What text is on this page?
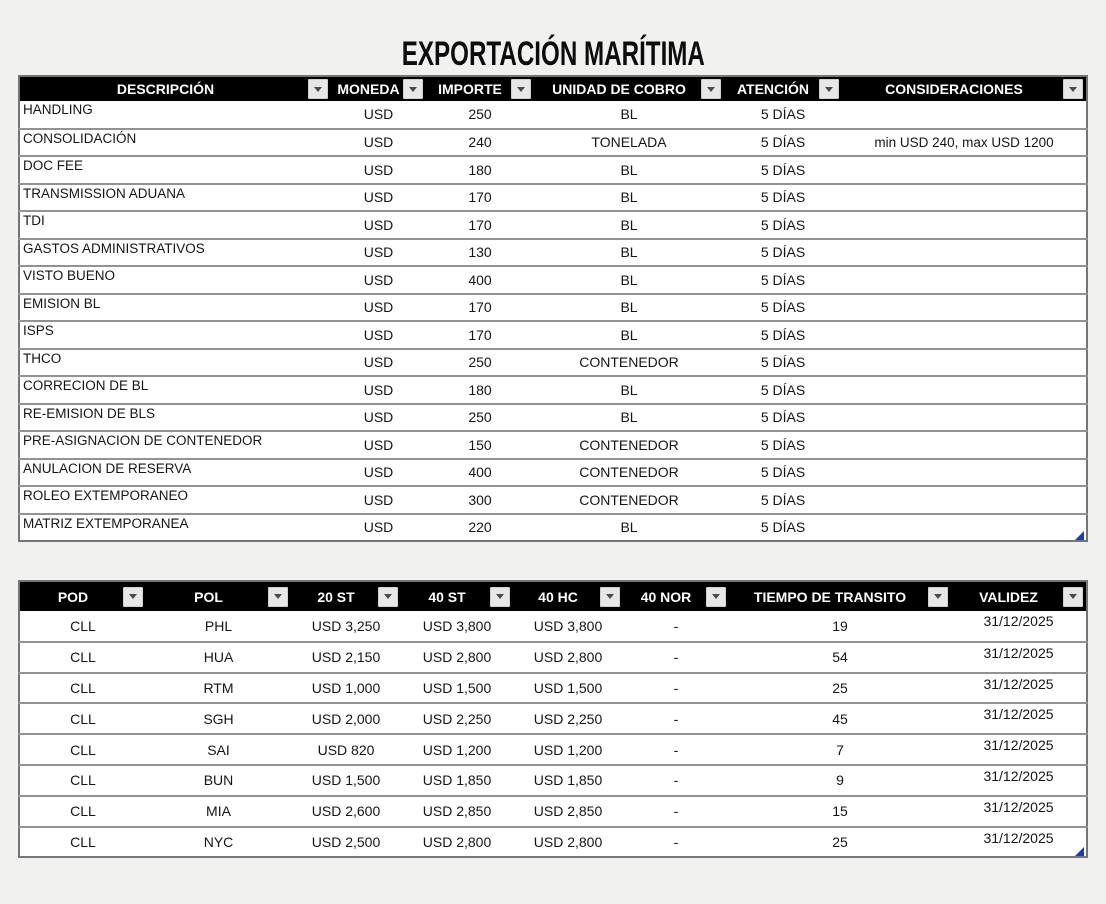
EXPORTACIÓN MARÍTIMA
DESCRIPCIÓN	MONEDA	IMPORTE	UNIDAD DE COBRO	ATENCIÓN	CONSIDERACIONES

HANDLING	USD	250	BL	5 DÍAS	
CONSOLIDACIÓN	USD	240	TONELADA	5 DÍAS	min USD 240, max USD 1200
DOC FEE	USD	180	BL	5 DÍAS	
TRANSMISSION ADUANA	USD	170	BL	5 DÍAS	
TDI	USD	170	BL	5 DÍAS	
GASTOS ADMINISTRATIVOS	USD	130	BL	5 DÍAS	
VISTO BUENO	USD	400	BL	5 DÍAS	
EMISION BL	USD	170	BL	5 DÍAS	
ISPS	USD	170	BL	5 DÍAS	
THCO	USD	250	CONTENEDOR	5 DÍAS	
CORRECION DE BL	USD	180	BL	5 DÍAS	
RE-EMISION DE BLS	USD	250	BL	5 DÍAS	
PRE-ASIGNACION DE CONTENEDOR	USD	150	CONTENEDOR	5 DÍAS	
ANULACION DE RESERVA	USD	400	CONTENEDOR	5 DÍAS	
ROLEO EXTEMPORANEO	USD	300	CONTENEDOR	5 DÍAS	
MATRIZ EXTEMPORANEA	USD	220	BL	5 DÍAS	
POD	POL	20 ST	40 ST	40 HC	40 NOR	TIEMPO DE TRANSITO	VALIDEZ

CLL	PHL	USD 3,250	USD 3,800	USD 3,800	-	19	31/12/2025
CLL	HUA	USD 2,150	USD 2,800	USD 2,800	-	54	31/12/2025
CLL	RTM	USD 1,000	USD 1,500	USD 1,500	-	25	31/12/2025
CLL	SGH	USD 2,000	USD 2,250	USD 2,250	-	45	31/12/2025
CLL	SAI	USD 820	USD 1,200	USD 1,200	-	7	31/12/2025
CLL	BUN	USD 1,500	USD 1,850	USD 1,850	-	9	31/12/2025
CLL	MIA	USD 2,600	USD 2,850	USD 2,850	-	15	31/12/2025
CLL	NYC	USD 2,500	USD 2,800	USD 2,800	-	25	31/12/2025
